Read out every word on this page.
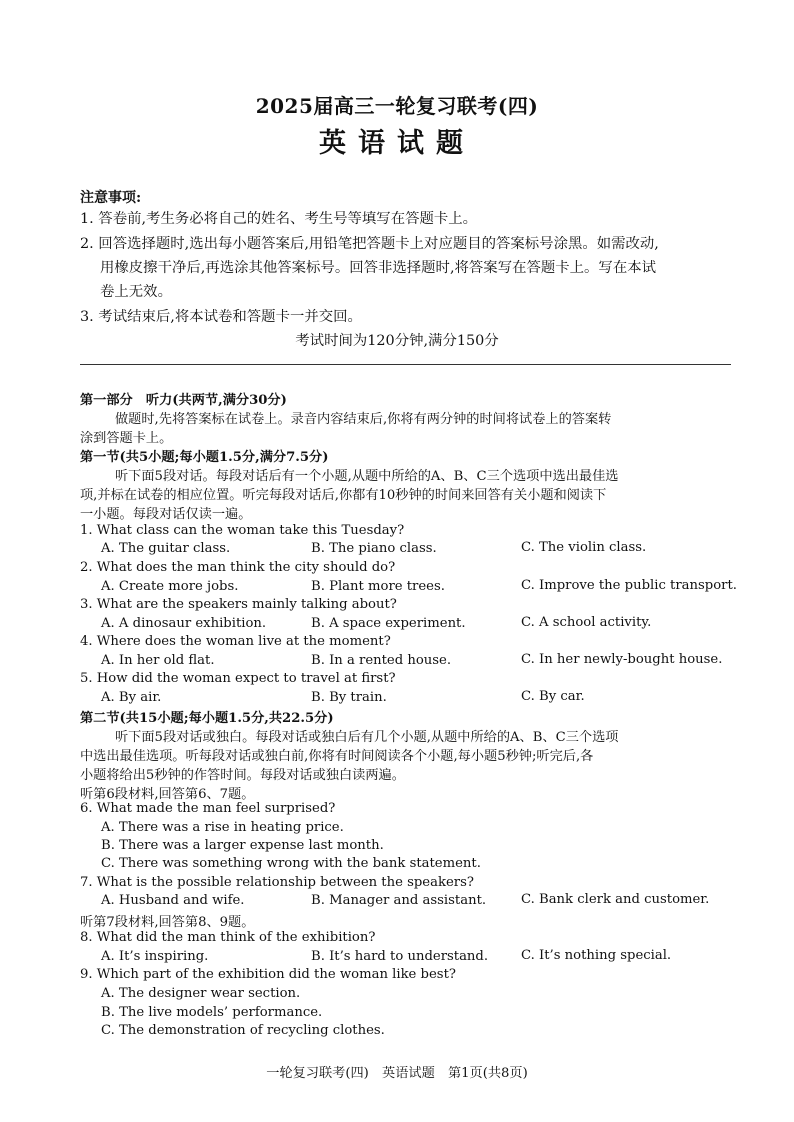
2025届高三一轮复习联考(四)
英语试题
注意事项:
1. 答卷前,考生务必将自己的姓名、考生号等填写在答题卡上。
2. 回答选择题时,选出每小题答案后,用铅笔把答题卡上对应题目的答案标号涂黑。如需改动,
用橡皮擦干净后,再选涂其他答案标号。回答非选择题时,将答案写在答题卡上。写在本试
卷上无效。
3. 考试结束后,将本试卷和答题卡一并交回。
考试时间为120分钟,满分150分
第一部分　听力(共两节,满分30分)
做题时,先将答案标在试卷上。录音内容结束后,你将有两分钟的时间将试卷上的答案转
涂到答题卡上。
第一节(共5小题;每小题1.5分,满分7.5分)
听下面5段对话。每段对话后有一个小题,从题中所给的A、B、C三个选项中选出最佳选
项,并标在试卷的相应位置。听完每段对话后,你都有10秒钟的时间来回答有关小题和阅读下
一小题。每段对话仅读一遍。
1. What class can the woman take this Tuesday?
A. The guitar class.	B. The piano class.	C. The violin class.
2. What does the man think the city should do?
A. Create more jobs.	B. Plant more trees.	C. Improve the public transport.
3. What are the speakers mainly talking about?
A. A dinosaur exhibition.	B. A space experiment.	C. A school activity.
4. Where does the woman live at the moment?
A. In her old flat.	B. In a rented house.	C. In her newly-bought house.
5. How did the woman expect to travel at first?
A. By air.	B. By train.	C. By car.
第二节(共15小题;每小题1.5分,共22.5分)
听下面5段对话或独白。每段对话或独白后有几个小题,从题中所给的A、B、C三个选项
中选出最佳选项。听每段对话或独白前,你将有时间阅读各个小题,每小题5秒钟;听完后,各
小题将给出5秒钟的作答时间。每段对话或独白读两遍。
听第6段材料,回答第6、7题。
6. What made the man feel surprised?
A. There was a rise in heating price.
B. There was a larger expense last month.
C. There was something wrong with the bank statement.
7. What is the possible relationship between the speakers?
A. Husband and wife.	B. Manager and assistant.	C. Bank clerk and customer.
听第7段材料,回答第8、9题。
8. What did the man think of the exhibition?
A. It’s inspiring.	B. It’s hard to understand. C. It’s nothing special.
9. Which part of the exhibition did the woman like best?
A. The designer wear section.
B. The live models’ performance.
C. The demonstration of recycling clothes.
一轮复习联考(四)　英语试题　第1页(共8页)
